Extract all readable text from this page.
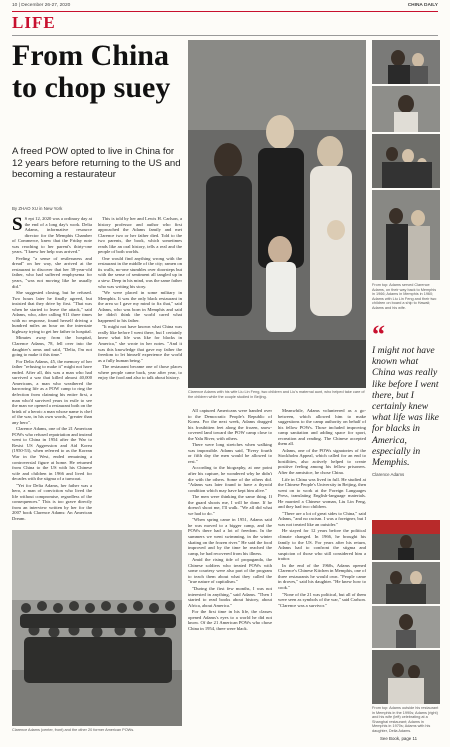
10 | December 26-27, 2020	CHINA DAILY
LIFE
From China to chop suey
A freed POW opted to live in China for 12 years before returning to the US and becoming a restaurateur
By ZHAO XU in New York

S S ept 12, 2020 was a ordinary day at the end of a long day's work. Delia Adams, informative resource director for the Memphis Chamber of Commerce, knew that the Friday note was reaching to her parent's thirty-one years. "I knew her help was arrived."

Feeling "a sense of restlessness and dread" on her way, she arrived at the restaurant to discover that her 38-year-old father, who had suffered emphysema for years, "was not moving like he usually did."

She suggested closing, but he refused. Two hours later he finally agreed, but insisted that they drive by first. "That was when he started to leave the attack," said Adams, who, after calling 911 three times with no response, found herself driving a hundred miles an hour on the interstate highway trying to get her father to hospital.

Minutes away from the hospital, Clarence Adams, 78, fell over into the daughter's arms and said, "Delia, I'm not going to make it this time."

For Delia Adams, 45, the memory of her father "refusing to make it" might not have ended. After all, this was a man who had survived a war that killed almost 40,000 Americans, a man who weathered the harrowing life as a POW camp to ring the defection from claiming his entire first, a man who'd survived years in exile to see the man we opened a restaurant both on the brink of a heroic a man whose name is chef of the war, in his own words, "greater than any hero".

Clarence Adams, one of the 21 American POWs who refused repatriation and instead went to China in 1954 after the War to Resist US Aggression and Aid Korea (1950-53), when referred to as the Korean War in the West, ended remaining a controversial figure at home. He returned from China to the US with his Chinese wife and children in 1966 and lived for decades with the stigma of a turncoat.

"Yet for Delia Adams, her father was a hero, a man of conviction who lived the life without compromise, regardless of the consequences." This is too grave directly from an interview written by her for the 2007 book Clarence Adams: An American Dream.

This is told by her and Lewis H. Carlson, a history professor and author who first approached the Adams family and met Clarence two or her father died. Told to the two parents, the book, which sometimes reads like an oral history, tells a real and the people of both worlds.

One would find anything wrong with the restaurant in the middle of the city; ramen on its walls, no-one stumbles over doorsteps but with the sense of sentiment all tangled up in a stew. Deep in his mind, was the same father who was writing his story.

"We were placed in some military in Memphis. It was the only black restaurant in the area so I gave my mind to fix that," said Adams, who was born in Memphis and said he didn't think the world cared what happened to his father.

"It might not have known what China was really like before I went there, but I certainly knew what life was like for blacks in America," she wrote in her notes. "And it was this knowledge that gave my father the freedom to let himself experience the world as a fully human being."

The restaurant became one of those places where people came back, year after year, to enjoy the food and also to talk about history.

Clarence Adams with his wife Liu Lin Feng, two children and Liu's maternal aunt, who helped take care of the children while the couple studied in Beijing.

All captured Americans were handed over to the Democratic People's Republic of Korea. For the next week, Adams dragged his frostbitten feet along the frozen, snow-covered land toward the POW camp close to the Yalu River, with others.

There were long stretches when walking was impossible. Adams said, "Every fourth or fifth day the men would be allowed to rest."

According to the biography, at one point after his capture, he wondered why he didn't die with the others. Some of the others did. "Adams was later found to have a thyroid condition which may have kept him alive."

The men were thinking the same thing. If the guard shoots me, I will be done. If he doesn't shoot me, I'll walk. "We all did what we had to do."

"When spring came in 1951, Adams said he was moved to a bigger camp, and the POWs there had a lot of freedom. In the summers we went swimming, in the winter skating on the frozen river." He said the food improved and by the time he reached the camp, he had recovered from his illness.

Amid the rising tide of propaganda, the Chinese soldiers who treated POWs with some courtesy were also part of the program to teach them about what they called the "true nature of capitalism."

"During the first few months, I was not interested in anything," said Adams. "Then I started to read books about history, about Africa, about America."

For the first time in his life, the classes opened Adams's eyes to a world he did not know. Of the 21 American POWs who chose China in 1954, three were black.

Meanwhile, Adams volunteered as a go-between, which allowed him to make suggestions to the camp authority on behalf of his fellow POWs. Those included improving camp sanitation and adding space for sport, recreation and reading. The Chinese accepted them all.

Adams, one of the POWs signatories of the Stockholm Appeal, which called for an end to hostilities, also actively helped to create positive feeling among his fellow prisoners. After the armistice, he chose China.

Life in China was lived in full. He studied at the Chinese People's University in Beijing, then went on to work at the Foreign Languages Press, translating English-language materials. He married a Chinese woman, Liu Lin Feng, and they had two children.

"There are a lot of great sides to China," said Adams, "and no racism. I was a foreigner, but I was not treated like an outsider."

He stayed for 12 years before the political climate changed. In 1966, he brought his family to the US. For years after his return, Adams had to confront the stigma and suspicion of those who still considered him a traitor.

In the end of the 1960s, Adams opened Clarence's Chinese Kitchen in Memphis, one of three restaurants he would own. "People came in droves," said his daughter. "He knew how to cook."

"None of the 21 was political, but all of them were seen as symbols of the war," said Carlson. "Clarence was a survivor."

Clarence Adams (center, front) and the other 20 former American POWs.
From top: Adams served Clarence Adams, on their way back to Memphis in 1966; Adams in Memphis in 1960; Adams with Liu Lin Feng and their two children on board a ship to Hawaii; Adams and his wife.
“
I might not have known what China was really like before I went there, but I certainly knew what life was like for blacks in America, especially in Memphis.
Clarence Adams
From top: Adams outside his restaurant in Memphis in the 1990s; Adams (right) and his wife (left) celebrating at a Shanghai restaurant; Adams in Memphis in 1970s; Adams with his daughter, Delia Adams.
See Book, page 11
